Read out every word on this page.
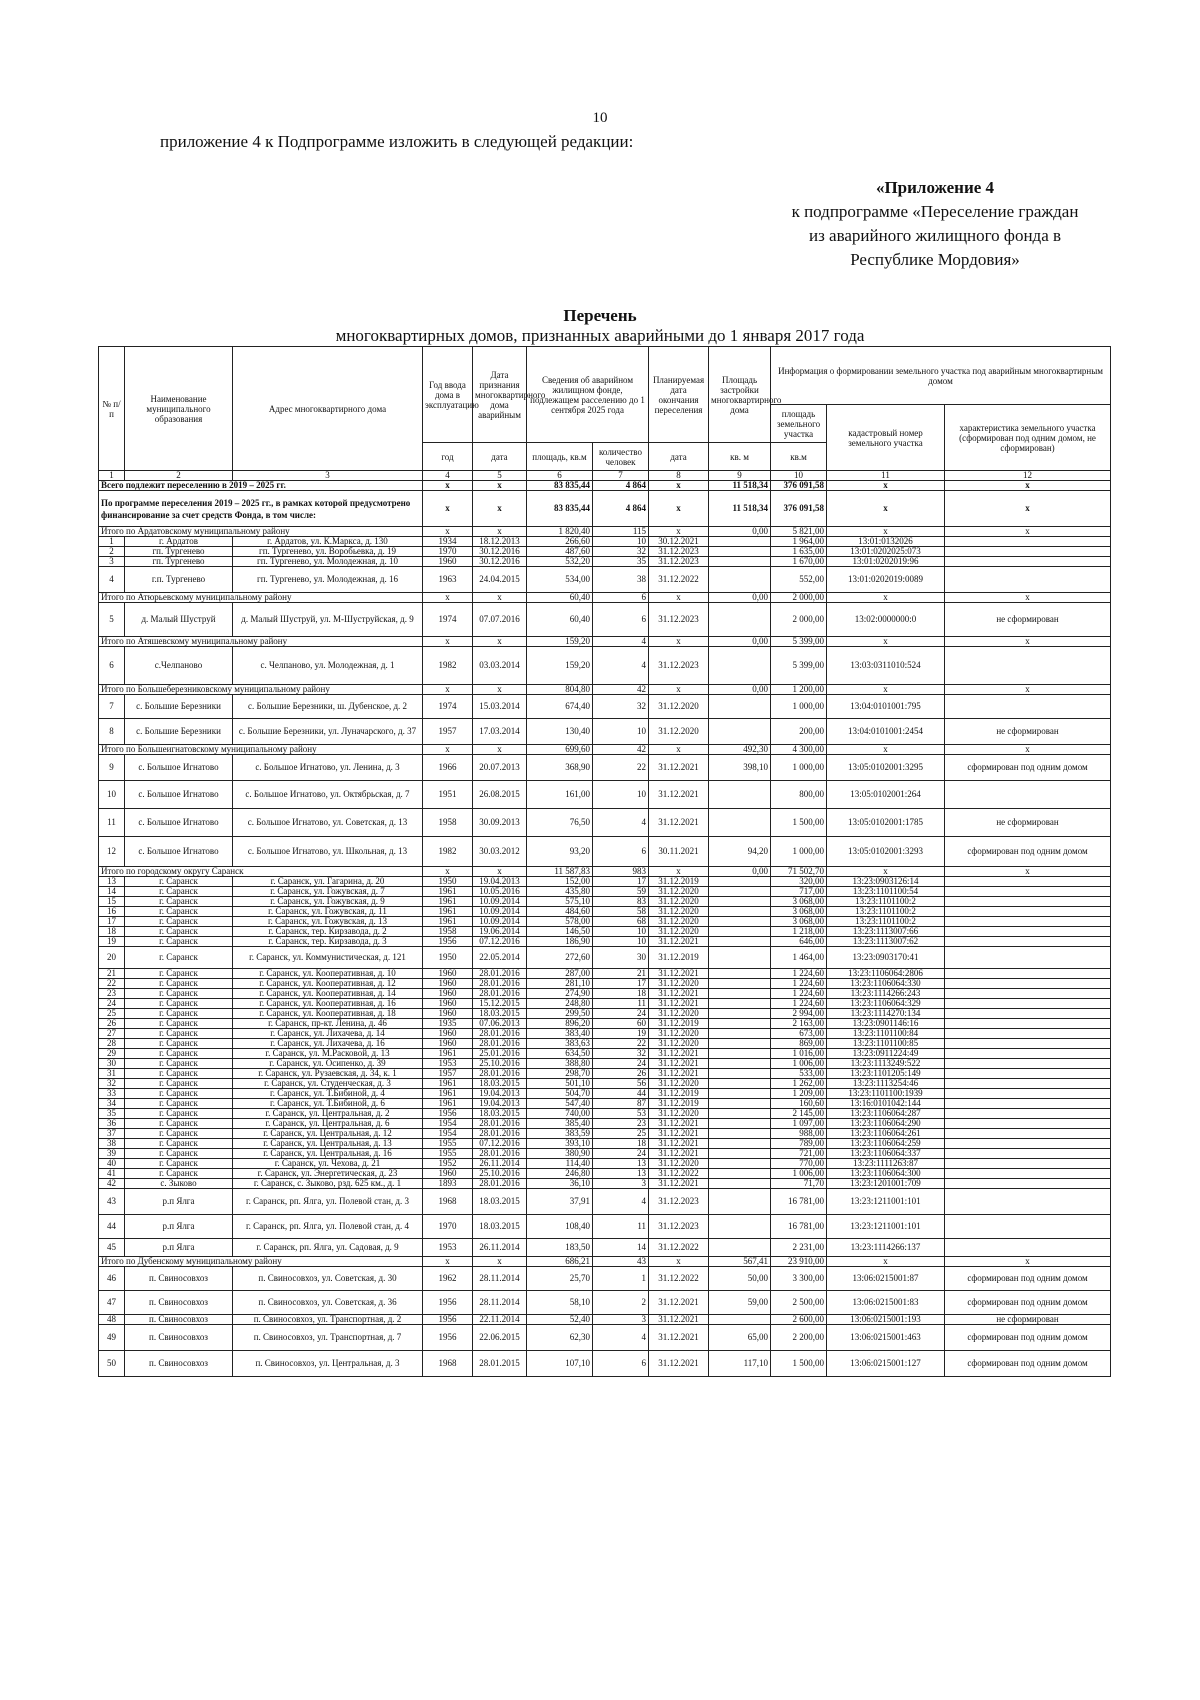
10
приложение 4 к Подпрограмме изложить в следующей редакции:
«Приложение 4
к подпрограмме «Переселение граждан
из аварийного жилищного фонда в
Республике Мордовия»
Перечень
многоквартирных домов, признанных аварийными до 1 января 2017 года
№ п/п	Наименование муниципального образования	Адрес многоквартирного дома	Год ввода дома в эксплуатацию	Дата признания многоквартирного дома аварийным	Сведения об аварийном жилищном фонде, подлежащем расселению до 1 сентября 2025 года		Планируемая дата окончания переселения	Площадь застройки многоквартирного дома	Информация о формировании земельного участка под аварийным многоквартирным домом		
									площадь земельного участка	кадастровый номер земельного участка	характеристика земельного участка (сформирован под одним домом, не сформирован)
			год	дата	площадь, кв.м	количество человек	дата	кв. м	кв.м		
1	2	3	4	5	6	7	8	9	10	11	12
Всего подлежит переселению в 2019 – 2025 гг.			x	x	83 835,44	4 864	x	11 518,34	376 091,58	x	x
По программе переселения 2019 – 2025 гг., в рамках которой предусмотрено финансирование за счет средств Фонда, в том числе:			x	x	83 835,44	4 864	x	11 518,34	376 091,58	x	x
Итого по Ардатовскому муниципальному району			x	x	1 820,40	115	x	0,00	5 821,00	x	x
1	г. Ардатов	г. Ардатов, ул. К.Маркса, д. 130	1934	18.12.2013	266,60	10	30.12.2021		1 964,00	13:01:0132026	
2	гп. Тургенево	гп. Тургенево, ул. Воробьевка, д. 19	1970	30.12.2016	487,60	32	31.12.2023		1 635,00	13:01:0202025:073	
3	гп. Тургенево	гп. Тургенево, ул. Молодежная, д. 10	1960	30.12.2016	532,20	35	31.12.2023		1 670,00	13:01:0202019:96	
4	г.п. Тургенево	гп. Тургенево, ул. Молодежная, д. 16	1963	24.04.2015	534,00	38	31.12.2022		552,00	13:01:0202019:0089	
Итого по Атюрьевскому муниципальному району			x	x	60,40	6	x	0,00	2 000,00	x	x
5	д. Малый Шуструй	д. Малый Шуструй, ул. М-Шуструйская, д. 9	1974	07.07.2016	60,40	6	31.12.2023		2 000,00	13:02:0000000:0	не сформирован
Итого по Атяшевскому муниципальному району			x	x	159,20	4	x	0,00	5 399,00	x	x
6	с.Челпаново	с. Челпаново, ул. Молодежная, д. 1	1982	03.03.2014	159,20	4	31.12.2023		5 399,00	13:03:0311010:524	
Итого по Большеберезниковскому муниципальному району			x	x	804,80	42	x	0,00	1 200,00	x	x
7	с. Большие Березники	с. Большие Березники, ш. Дубенское, д. 2	1974	15.03.2014	674,40	32	31.12.2020		1 000,00	13:04:0101001:795	
8	с. Большие Березники	с. Большие Березники, ул. Луначарского, д. 37	1957	17.03.2014	130,40	10	31.12.2020		200,00	13:04:0101001:2454	не сформирован
Итого по Большеигнатовскому муниципальному району			x	x	699,60	42	x	492,30	4 300,00	x	x
9	с. Большое Игнатово	с. Большое Игнатово, ул. Ленина, д. 3	1966	20.07.2013	368,90	22	31.12.2021	398,10	1 000,00	13:05:0102001:3295	сформирован под одним домом
10	с. Большое Игнатово	с. Большое Игнатово, ул. Октябрьская, д. 7	1951	26.08.2015	161,00	10	31.12.2021		800,00	13:05:0102001:264	
11	с. Большое Игнатово	с. Большое Игнатово, ул. Советская, д. 13	1958	30.09.2013	76,50	4	31.12.2021		1 500,00	13:05:0102001:1785	не сформирован
12	с. Большое Игнатово	с. Большое Игнатово, ул. Школьная, д. 13	1982	30.03.2012	93,20	6	30.11.2021	94,20	1 000,00	13:05:0102001:3293	сформирован под одним домом
Итого по городскому округу Саранск			x	x	11 587,83	983	x	0,00	71 502,70	x	x
13	г. Саранск	г. Саранск, ул. Гагарина, д. 20	1950	19.04.2013	152,00	17	31.12.2019		320,00	13:23:0903126:14	
14	г. Саранск	г. Саранск, ул. Гожувская, д. 7	1961	10.05.2016	435,80	59	31.12.2020		717,00	13:23:1101100:54	
15	г. Саранск	г. Саранск, ул. Гожувская, д. 9	1961	10.09.2014	575,10	83	31.12.2020		3 068,00	13:23:1101100:2	
16	г. Саранск	г. Саранск, ул. Гожувская, д. 11	1961	10.09.2014	484,60	58	31.12.2020		3 068,00	13:23:1101100:2	
17	г. Саранск	г. Саранск, ул. Гожувская, д. 13	1961	10.09.2014	578,00	68	31.12.2020		3 068,00	13:23:1101100:2	
18	г. Саранск	г. Саранск, тер. Кирзавода, д. 2	1958	19.06.2014	146,50	10	31.12.2020		1 218,00	13:23:1113007:66	
19	г. Саранск	г. Саранск, тер. Кирзавода, д. 3	1956	07.12.2016	186,90	10	31.12.2021		646,00	13:23:1113007:62	
20	г. Саранск	г. Саранск, ул. Коммунистическая, д. 121	1950	22.05.2014	272,60	30	31.12.2019		1 464,00	13:23:0903170:41	
21	г. Саранск	г. Саранск, ул. Кооперативная, д. 10	1960	28.01.2016	287,00	21	31.12.2021		1 224,60	13:23:1106064:2806	
22	г. Саранск	г. Саранск, ул. Кооперативная, д. 12	1960	28.01.2016	281,10	17	31.12.2020		1 224,60	13:23:1106064:330	
23	г. Саранск	г. Саранск, ул. Кооперативная, д. 14	1960	28.01.2016	274,90	18	31.12.2021		1 224,60	13:23:1114266:243	
24	г. Саранск	г. Саранск, ул. Кооперативная, д. 16	1960	15.12.2015	248,80	11	31.12.2021		1 224,60	13:23:1106064:329	
25	г. Саранск	г. Саранск, ул. Кооперативная, д. 18	1960	18.03.2015	299,50	24	31.12.2020		2 994,00	13:23:1114270:134	
26	г. Саранск	г. Саранск, пр-кт. Ленина, д. 46	1935	07.06.2013	896,20	60	31.12.2019		2 163,00	13:23:0901146:16	
27	г. Саранск	г. Саранск, ул. Лихачева, д. 14	1960	28.01.2016	383,40	19	31.12.2020		673,00	13:23:1101100:84	
28	г. Саранск	г. Саранск, ул. Лихачева, д. 16	1960	28.01.2016	383,63	22	31.12.2020		869,00	13:23:1101100:85	
29	г. Саранск	г. Саранск, ул. М.Расковой, д. 13	1961	25.01.2016	634,50	32	31.12.2021		1 016,00	13:23:0911224:49	
30	г. Саранск	г. Саранск, ул. Осипенко, д. 39	1953	25.10.2016	388,80	24	31.12.2021		1 006,00	13:23:1113249:522	
31	г. Саранск	г. Саранск, ул. Рузаевская, д. 34, к. 1	1957	28.01.2016	298,70	26	31.12.2021		533,00	13:23:1101205:149	
32	г. Саранск	г. Саранск, ул. Студенческая, д. 3	1961	18.03.2015	501,10	56	31.12.2020		1 262,00	13:23:1113254:46	
33	г. Саранск	г. Саранск, ул. Т.Бибиной, д. 4	1961	19.04.2013	504,70	44	31.12.2019		1 209,00	13:23:1101100:1939	
34	г. Саранск	г. Саранск, ул. Т.Бибиной, д. 6	1961	19.04.2013	547,40	87	31.12.2019		160,60	13:16:0101042:144	
35	г. Саранск	г. Саранск, ул. Центральная, д. 2	1956	18.03.2015	740,00	53	31.12.2020		2 145,00	13:23:1106064:287	
36	г. Саранск	г. Саранск, ул. Центральная, д. 6	1954	28.01.2016	385,40	23	31.12.2021		1 097,00	13:23:1106064:290	
37	г. Саранск	г. Саранск, ул. Центральная, д. 12	1954	28.01.2016	383,59	25	31.12.2021		988,00	13:23:1106064:261	
38	г. Саранск	г. Саранск, ул. Центральная, д. 13	1955	07.12.2016	393,10	18	31.12.2021		789,00	13:23:1106064:259	
39	г. Саранск	г. Саранск, ул. Центральная, д. 16	1955	28.01.2016	380,90	24	31.12.2021		721,00	13:23:1106064:337	
40	г. Саранск	г. Саранск, ул. Чехова, д. 21	1952	26.11.2014	114,40	13	31.12.2020		770,00	13:23:1111263:87	
41	г. Саранск	г. Саранск, ул. Энергетическая, д. 23	1960	25.10.2016	246,80	13	31.12.2022		1 006,00	13:23:1106064:300	
42	с. Зыково	г. Саранск, с. Зыково, рзд. 625 км., д. 1	1893	28.01.2016	36,10	3	31.12.2021		71,70	13:23:1201001:709	
43	р.п Ялга	г. Саранск, рп. Ялга, ул. Полевой стан, д. 3	1968	18.03.2015	37,91	4	31.12.2023		16 781,00	13:23:1211001:101	
44	р.п Ялга	г. Саранск, рп. Ялга, ул. Полевой стан, д. 4	1970	18.03.2015	108,40	11	31.12.2023		16 781,00	13:23:1211001:101	
45	р.п Ялга	г. Саранск, рп. Ялга, ул. Садовая, д. 9	1953	26.11.2014	183,50	14	31.12.2022		2 231,00	13:23:1114266:137	
Итого по Дубенскому муниципальному району			x	x	686,21	43	x	567,41	23 910,00	x	x
46	п. Свиносовхоз	п. Свиносовхоз, ул. Советская, д. 30	1962	28.11.2014	25,70	1	31.12.2022	50,00	3 300,00	13:06:0215001:87	сформирован под одним домом
47	п. Свиносовхоз	п. Свиносовхоз, ул. Советская, д. 36	1956	28.11.2014	58,10	2	31.12.2021	59,00	2 500,00	13:06:0215001:83	сформирован под одним домом
48	п. Свиносовхоз	п. Свиносовхоз, ул. Транспортная, д. 2	1956	22.11.2014	52,40	3	31.12.2021		2 600,00	13:06:0215001:193	не сформирован
49	п. Свиносовхоз	п. Свиносовхоз, ул. Транспортная, д. 7	1956	22.06.2015	62,30	4	31.12.2021	65,00	2 200,00	13:06:0215001:463	сформирован под одним домом
50	п. Свиносовхоз	п. Свиносовхоз, ул. Центральная, д. 3	1968	28.01.2015	107,10	6	31.12.2021	117,10	1 500,00	13:06:0215001:127	сформирован под одним домом
